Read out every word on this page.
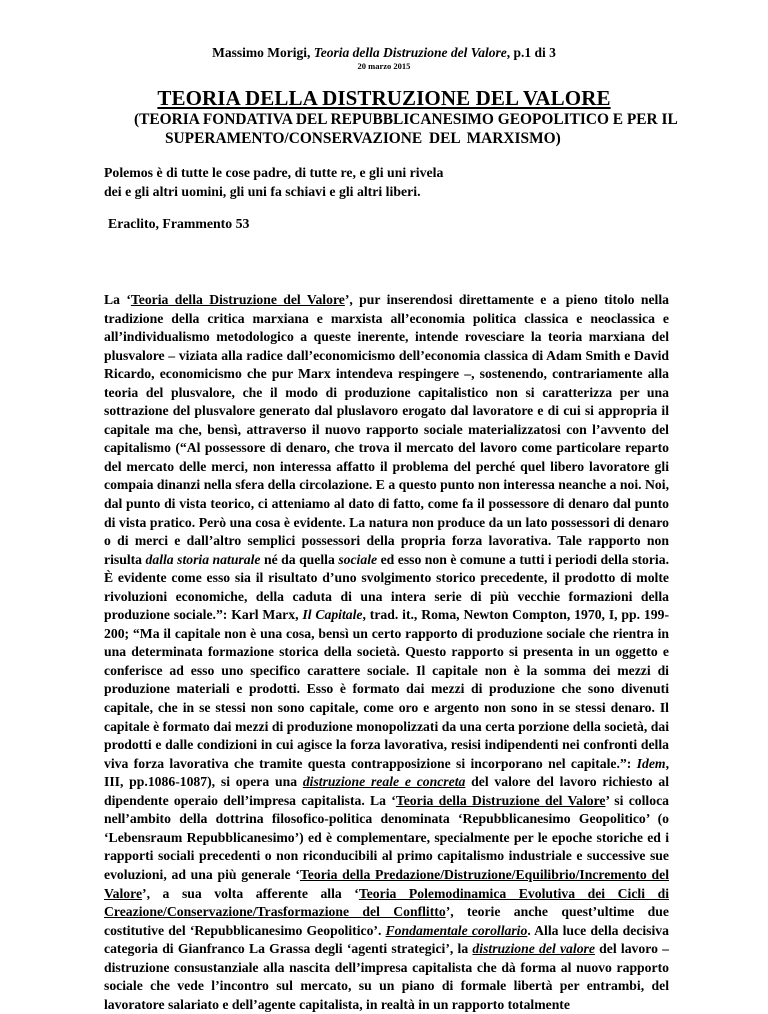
Massimo Morigi, Teoria della Distruzione del Valore, p.1 di 3
20 marzo 2015
TEORIA DELLA DISTRUZIONE DEL VALORE
(TEORIA FONDATIVA DEL REPUBBLICANESIMO GEOPOLITICO E PER IL
SUPERAMENTO/CONSERVAZIONE DEL MARXISMO)
Polemos è di tutte le cose padre, di tutte re, e gli uni rivela
dei e gli altri uomini, gli uni fa schiavi e gli altri liberi.
Eraclito, Frammento 53

La ‘Teoria della Distruzione del Valore’, pur inserendosi direttamente e a pieno titolo nella tradizione della critica marxiana e marxista all’economia politica classica e neoclassica e all’individualismo metodologico a queste inerente, intende rovesciare la teoria marxiana del plusvalore – viziata alla radice dall’economicismo dell’economia classica di Adam Smith e David Ricardo, economicismo che pur Marx intendeva respingere –, sostenendo, contrariamente alla teoria del plusvalore, che il modo di produzione capitalistico non si caratterizza per una sottrazione del plusvalore generato dal pluslavoro erogato dal lavoratore e di cui si appropria il capitale ma che, bensì, attraverso il nuovo rapporto sociale materializzatosi con l’avvento del capitalismo (“Al possessore di denaro, che trova il mercato del lavoro come particolare reparto del mercato delle merci, non interessa affatto il problema del perché quel libero lavoratore gli compaia dinanzi nella sfera della circolazione. E a questo punto non interessa neanche a noi. Noi, dal punto di vista teorico, ci atteniamo al dato di fatto, come fa il possessore di denaro dal punto di vista pratico. Però una cosa è evidente. La natura non produce da un lato possessori di denaro o di merci e dall’altro semplici possessori della propria forza lavorativa. Tale rapporto non risulta dalla storia naturale né da quella sociale ed esso non è comune a tutti i periodi della storia. È evidente come esso sia il risultato d’uno svolgimento storico precedente, il prodotto di molte rivoluzioni economiche, della caduta di una intera serie di più vecchie formazioni della produzione sociale.”: Karl Marx, Il Capitale, trad. it., Roma, Newton Compton, 1970, I, pp. 199-200; “Ma il capitale non è una cosa, bensì un certo rapporto di produzione sociale che rientra in una determinata formazione storica della società. Questo rapporto si presenta in un oggetto e conferisce ad esso uno specifico carattere sociale. Il capitale non è la somma dei mezzi di produzione materiali e prodotti. Esso è formato dai mezzi di produzione che sono divenuti capitale, che in se stessi non sono capitale, come oro e argento non sono in se stessi denaro. Il capitale è formato dai mezzi di produzione monopolizzati da una certa porzione della società, dai prodotti e dalle condizioni in cui agisce la forza lavorativa, resisi indipendenti nei confronti della viva forza lavorativa che tramite questa contrapposizione si incorporano nel capitale.”: Idem, III, pp.1086-1087), si opera una distruzione reale e concreta del valore del lavoro richiesto al dipendente operaio dell’impresa capitalista. La ‘Teoria della Distruzione del Valore’ si colloca nell’ambito della dottrina filosofico-politica denominata ‘Repubblicanesimo Geopolitico’ (o ‘Lebensraum Repubblicanesimo’) ed è complementare, specialmente per le epoche storiche ed i rapporti sociali precedenti o non riconducibili al primo capitalismo industriale e successive sue evoluzioni, ad una più generale ‘Teoria della Predazione/Distruzione/Equilibrio/Incremento del Valore’, a sua volta afferente alla ‘Teoria Polemodinamica Evolutiva dei Cicli di Creazione/Conservazione/Trasformazione del Conflitto’, teorie anche quest’ultime due costitutive del ‘Repubblicanesimo Geopolitico’. Fondamentale corollario. Alla luce della decisiva categoria di Gianfranco La Grassa degli ‘agenti strategici’, la distruzione del valore del lavoro – distruzione consustanziale alla nascita dell’impresa capitalista che dà forma al nuovo rapporto sociale che vede l’incontro sul mercato, su un piano di formale libertà per entrambi, del lavoratore salariato e dell’agente capitalista, in realtà in un rapporto totalmente
